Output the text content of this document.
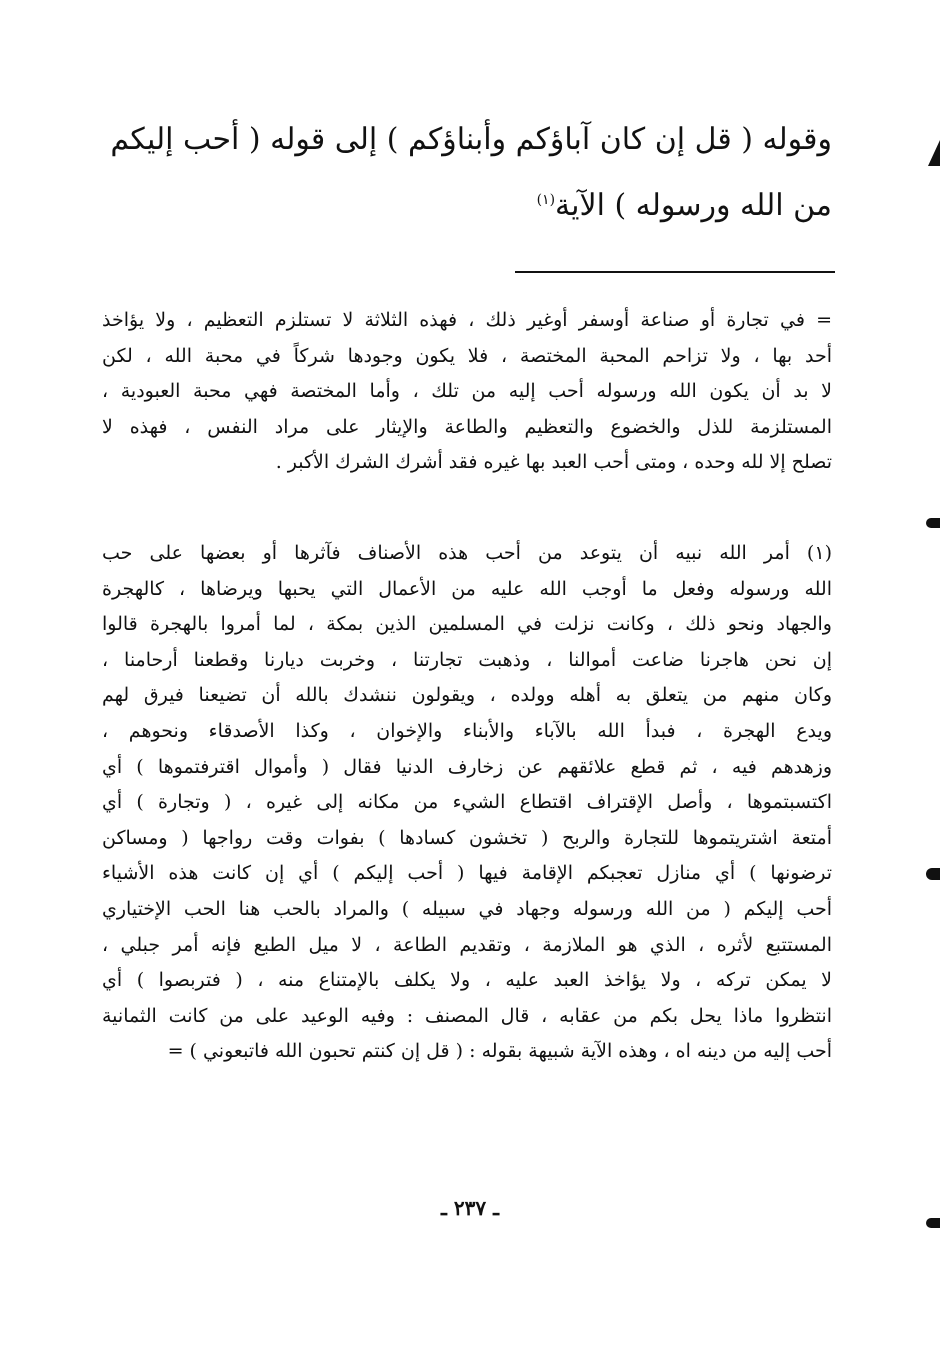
وقوله ( قل إن كان آباؤكم وأبناؤكم ) إلى قوله ( أحب إليكم
من الله ورسوله ) الآية$^{(١)}$
= في تجارة أو صناعة أوسفر أوغير ذلك ، فهذه الثلاثة لا تستلزم التعظيم ، ولا يؤاخذ
أحد بها ، ولا تزاحم المحبة المختصة ، فلا يكون وجودها شركاً في محبة الله ، لكن
لا بد أن يكون الله ورسوله أحب إليه من تلك ، وأما المختصة فهي محبة العبودية ،
المستلزمة للذل والخضوع والتعظيم والطاعة والإيثار على مراد النفس ، فهذه لا
تصلح إلا لله وحده ، ومتى أحب العبد بها غيره فقد أشرك الشرك الأكبر .
(١) أمر الله نبيه أن يتوعد من أحب هذه الأصناف فآثرها أو بعضها على حب
الله ورسوله وفعل ما أوجب الله عليه من الأعمال التي يحبها ويرضاها ، كالهجرة
والجهاد ونحو ذلك ، وكانت نزلت في المسلمين الذين بمكة ، لما أمروا بالهجرة قالوا
إن نحن هاجرنا ضاعت أموالنا ، وذهبت تجارتنا ، وخربت ديارنا وقطعنا أرحامنا ،
وكان منهم من يتعلق به أهله وولده ، ويقولون ننشدك بالله أن تضيعنا فيرق لهم
ويدع الهجرة ، فبدأ الله بالآباء والأبناء والإخوان ، وكذا الأصدقاء ونحوهم ،
وزهدهم فيه ، ثم قطع علائقهم عن زخارف الدنيا فقال ( وأموال اقترفتموها ) أي
اكتسبتموها ، وأصل الإقتراف اقتطاع الشيء من مكانه إلى غيره ، ( وتجارة ) أي
أمتعة اشتريتموها للتجارة والربح ( تخشون كسادها ) بفوات وقت رواجها ( ومساكن
ترضونها ) أي منازل تعجبكم الإقامة فيها ( أحب إليكم ) أي إن كانت هذه الأشياء
أحب إليكم ( من الله ورسوله وجهاد في سبيله ) والمراد بالحب هنا الحب الإختياري
المستتبع لأثره ، الذي هو الملازمة ، وتقديم الطاعة ، لا ميل الطبع فإنه أمر جبلي ،
لا يمكن تركه ، ولا يؤاخذ العبد عليه ، ولا يكلف بالإمتناع منه ، ( فتربصوا ) أي
انتظروا ماذا يحل بكم من عقابه ، قال المصنف : وفيه الوعيد على من كانت الثمانية
أحب إليه من دينه اه ، وهذه الآية شبيهة بقوله : ( قل إن كنتم تحبون الله فاتبعوني ) =
ـ ٢٣٧ ـ
